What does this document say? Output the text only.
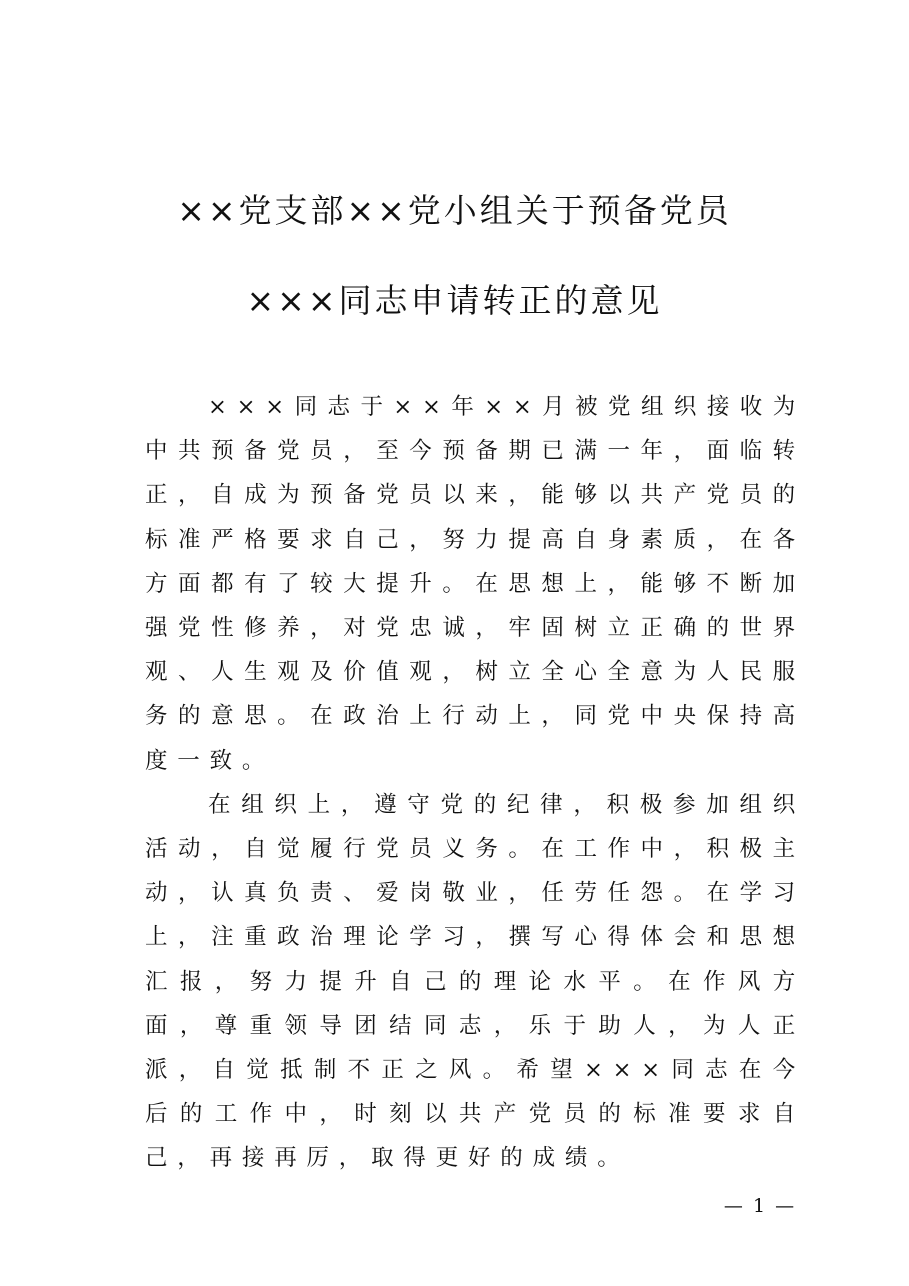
××党支部××党小组关于预备党员
×××同志申请转正的意见

×××同志于××年××月被党组织接收为中共预备党员，至今预备期已满一年，面临转正，自成为预备党员以来，能够以共产党员的标准严格要求自己，努力提高自身素质，在各方面都有了较大提升。在思想上，能够不断加强党性修养，对党忠诚，牢固树立正确的世界观、人生观及价值观，树立全心全意为人民服务的意思。在政治上行动上，同党中央保持高度一致。

在组织上，遵守党的纪律，积极参加组织活动，自觉履行党员义务。在工作中，积极主动，认真负责、爱岗敬业，任劳任怨。在学习上，注重政治理论学习，撰写心得体会和思想汇报，努力提升自己的理论水平。在作风方面，尊重领导团结同志，乐于助人，为人正派，自觉抵制不正之风。希望×××同志在今后的工作中，时刻以共产党员的标准要求自己，再接再厉，取得更好的成绩。

— 1 —
